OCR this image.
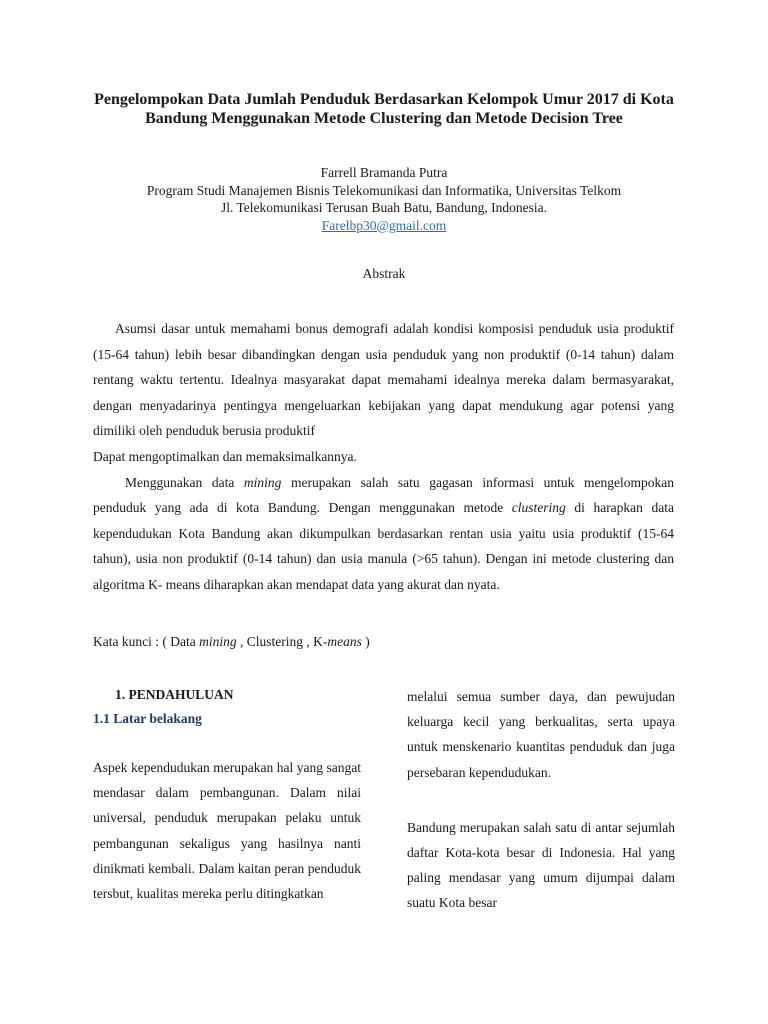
Pengelompokan Data Jumlah Penduduk Berdasarkan Kelompok Umur 2017 di Kota Bandung Menggunakan Metode Clustering dan Metode Decision Tree
Farrell Bramanda Putra
Program Studi Manajemen Bisnis Telekomunikasi dan Informatika, Universitas Telkom
Jl. Telekomunikasi Terusan Buah Batu, Bandung, Indonesia.
Farelbp30@gmail.com
Abstrak

Asumsi dasar untuk memahami bonus demografi adalah kondisi komposisi penduduk usia produktif (15-64 tahun) lebih besar dibandingkan dengan usia penduduk yang non produktif (0-14 tahun) dalam rentang waktu tertentu. Idealnya masyarakat dapat memahami idealnya mereka dalam bermasyarakat, dengan menyadarinya pentingya mengeluarkan kebijakan yang dapat mendukung agar potensi yang dimiliki oleh penduduk berusia produktif

Dapat mengoptimalkan dan memaksimalkannya.

Menggunakan data mining merupakan salah satu gagasan informasi untuk mengelompokan penduduk yang ada di kota Bandung. Dengan menggunakan metode clustering di harapkan data kependudukan Kota Bandung akan dikumpulkan berdasarkan rentan usia yaitu usia produktif (15-64 tahun), usia non produktif (0-14 tahun) dan usia manula (>65 tahun). Dengan ini metode clustering dan algoritma K- means diharapkan akan mendapat data yang akurat dan nyata.

Kata kunci : ( Data mining , Clustering , K-means )
1. PENDAHULUAN
1.1 Latar belakang

Aspek kependudukan merupakan hal yang sangat mendasar dalam pembangunan. Dalam nilai universal, penduduk merupakan pelaku untuk pembangunan sekaligus yang hasilnya nanti dinikmati kembali. Dalam kaitan peran penduduk tersbut, kualitas mereka perlu ditingkatkan

melalui semua sumber daya, dan pewujudan keluarga kecil yang berkualitas, serta upaya untuk menskenario kuantitas penduduk dan juga persebaran kependudukan.

Bandung merupakan salah satu di antar sejumlah daftar Kota-kota besar di Indonesia. Hal yang paling mendasar yang umum dijumpai dalam suatu Kota besar
